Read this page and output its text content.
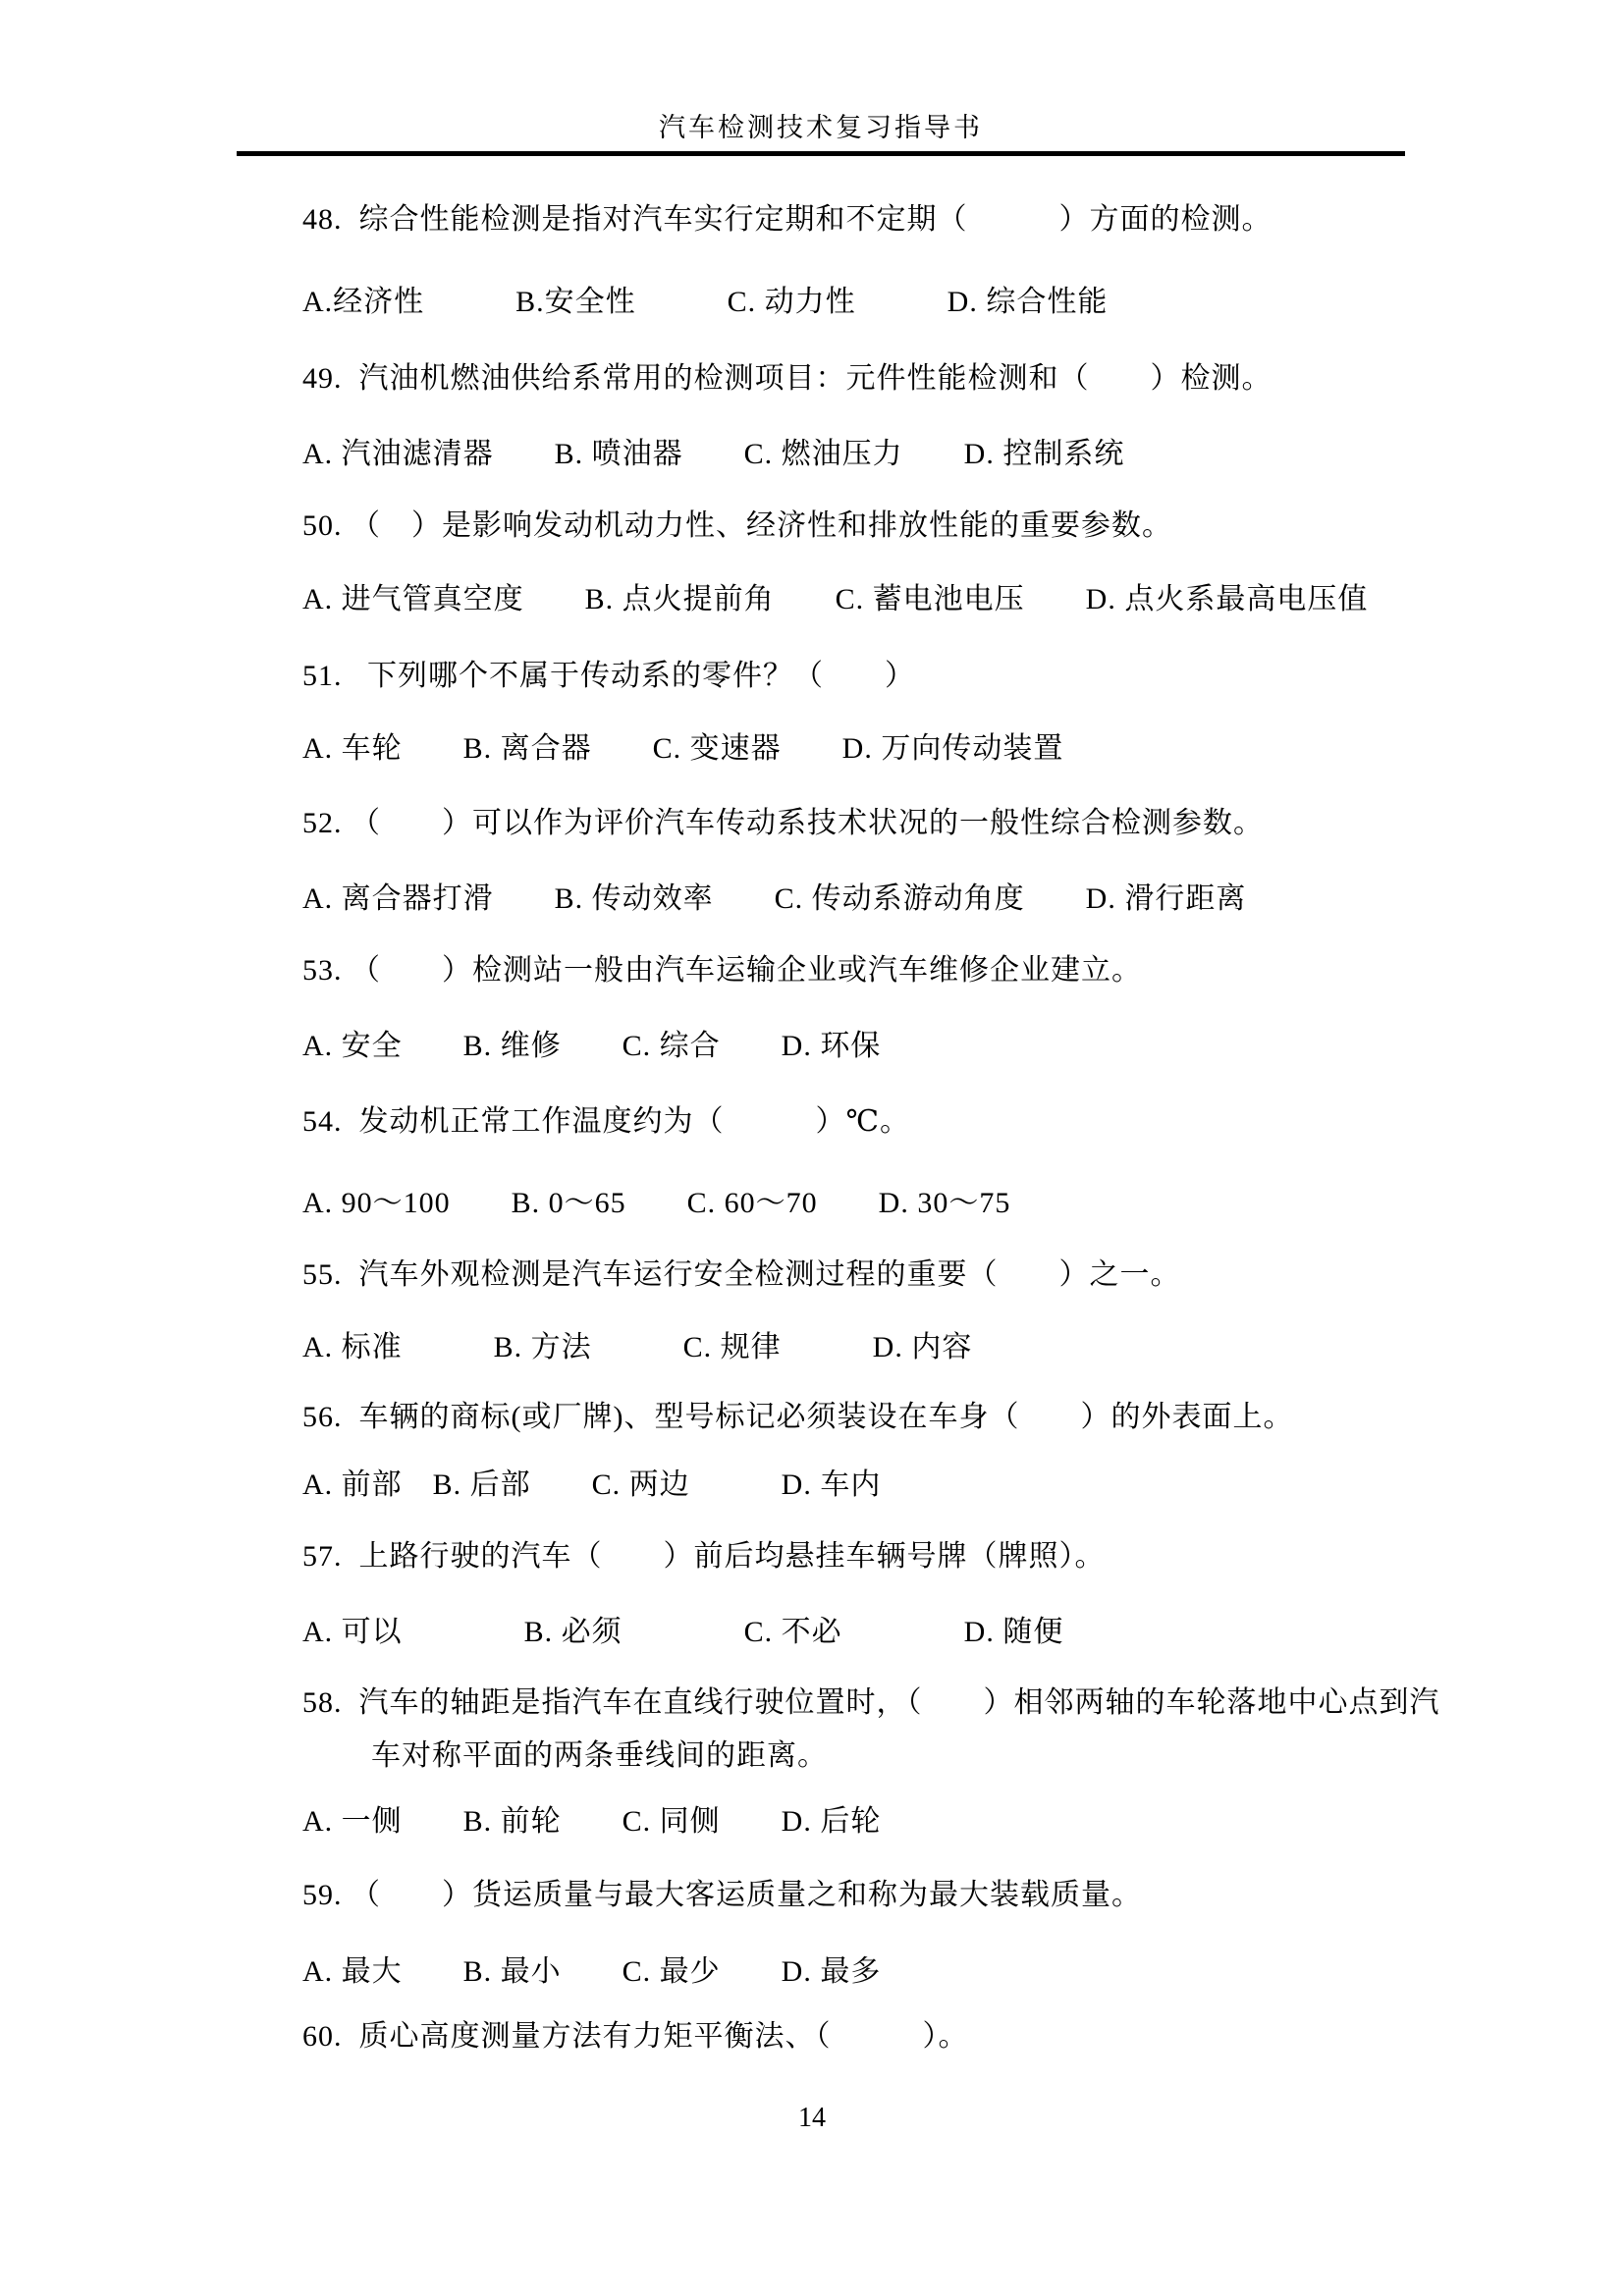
汽车检测技术复习指导书
48.  综合性能检测是指对汽车实行定期和不定期（　　　）方面的检测。
A.经济性　　　B.安全性　　　C. 动力性　　　D. 综合性能
49.  汽油机燃油供给系常用的检测项目：元件性能检测和（　　）检测。
A. 汽油滤清器　　B. 喷油器　　C. 燃油压力　　D. 控制系统
50. （　）是影响发动机动力性、经济性和排放性能的重要参数。
A. 进气管真空度　　B. 点火提前角　　C. 蓄电池电压　　D. 点火系最高电压值
51.   下列哪个不属于传动系的零件？（　　）
A. 车轮　　B. 离合器　　C. 变速器　　D. 万向传动装置
52. （　　）可以作为评价汽车传动系技术状况的一般性综合检测参数。
A. 离合器打滑　　B. 传动效率　　C. 传动系游动角度　　D. 滑行距离
53. （　　）检测站一般由汽车运输企业或汽车维修企业建立。
A. 安全　　B. 维修　　C. 综合　　D. 环保
54.  发动机正常工作温度约为（　　　）℃。
A. 90～100　　B. 0～65　　C. 60～70　　D. 30～75
55.  汽车外观检测是汽车运行安全检测过程的重要（　　）之一。
A. 标准　　　B. 方法　　　C. 规律　　　D. 内容
56.  车辆的商标(或厂牌)、型号标记必须装设在车身（　　）的外表面上。
A. 前部　B. 后部　　C. 两边　　　D. 车内
57.  上路行驶的汽车（　　）前后均悬挂车辆号牌（牌照）。
A. 可以　　　　B. 必须　　　　C. 不必　　　　D. 随便
58.  汽车的轴距是指汽车在直线行驶位置时，（　　）相邻两轴的车轮落地中心点到汽
车对称平面的两条垂线间的距离。
A. 一侧　　B. 前轮　　C. 同侧　　D. 后轮
59. （　　）货运质量与最大客运质量之和称为最大装载质量。
A. 最大　　B. 最小　　C. 最少　　D. 最多
60.  质心高度测量方法有力矩平衡法、（　　　）。
14
